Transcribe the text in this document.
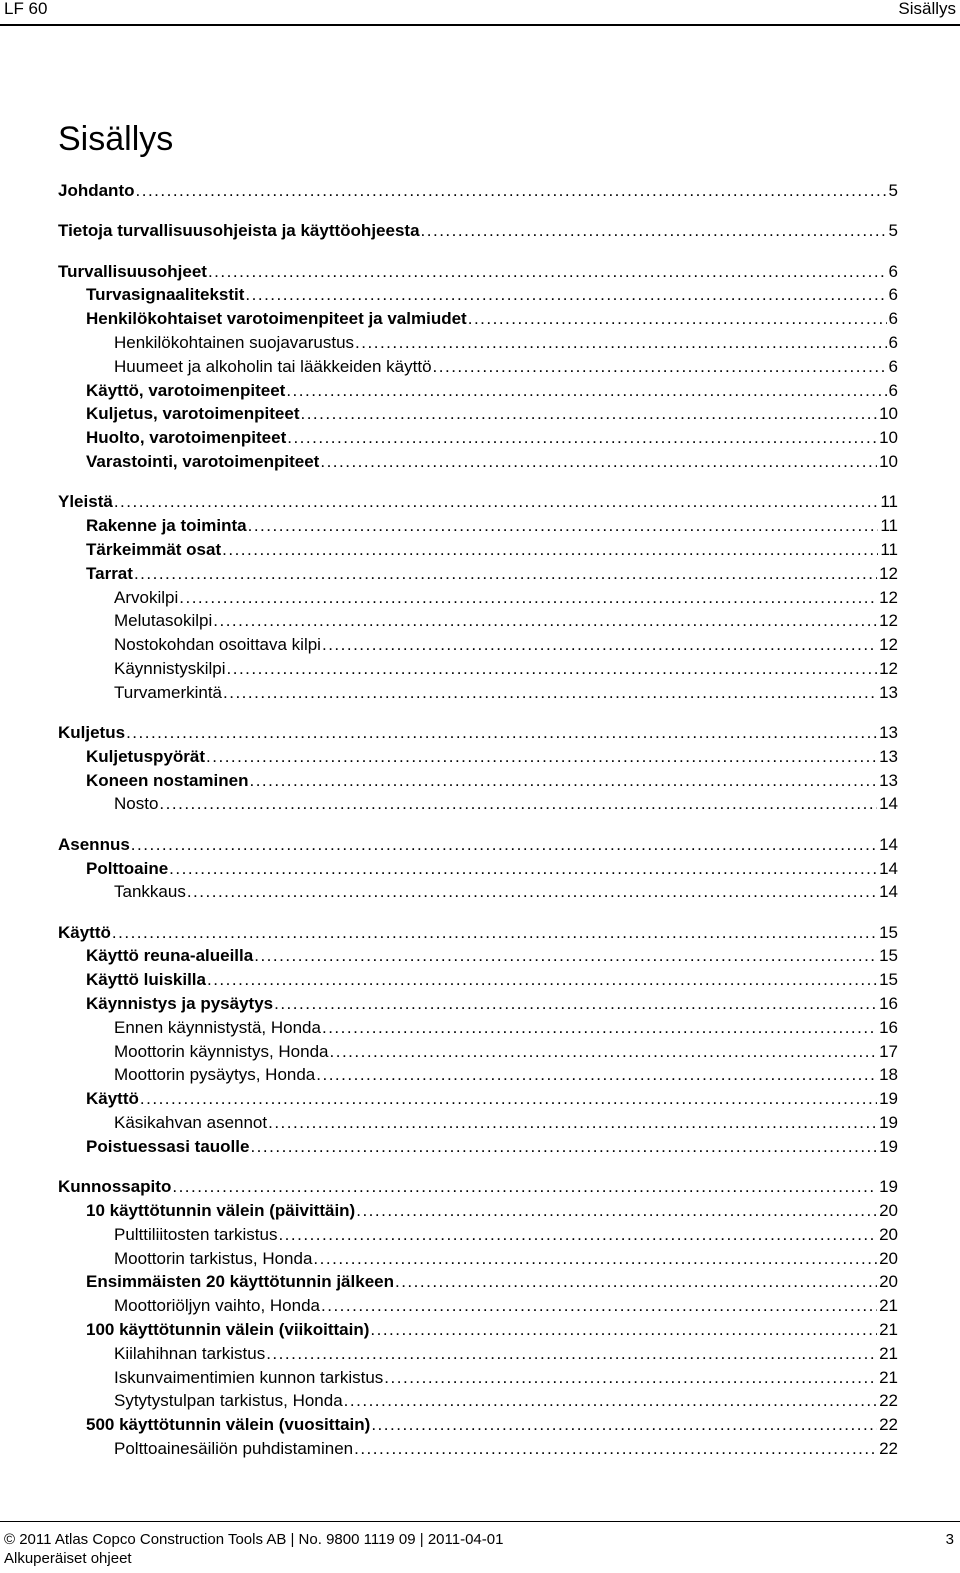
LF 60	Sisällys
Sisällys
Johdanto .....	5
Tietoja turvallisuusohjeista ja käyttöohjeesta .....	5
Turvallisuusohjeet .....	6
Turvasignaalitekstit .....	6
Henkilökohtaiset varotoimenpiteet ja valmiudet .....	6
Henkilökohtainen suojavarustus .....	6
Huumeet ja alkoholin tai lääkkeiden käyttö .....	6
Käyttö, varotoimenpiteet .....	6
Kuljetus, varotoimenpiteet .....	10
Huolto, varotoimenpiteet .....	10
Varastointi, varotoimenpiteet .....	10
Yleistä .....	11
Rakenne ja toiminta .....	11
Tärkeimmät osat .....	11
Tarrat .....	12
Arvokilpi .....	12
Melutasokilpi .....	12
Nostokohdan osoittava kilpi .....	12
Käynnistyskilpi .....	12
Turvamerkintä .....	13
Kuljetus .....	13
Kuljetuspyörät .....	13
Koneen nostaminen .....	13
Nosto .....	14
Asennus .....	14
Polttoaine .....	14
Tankkaus .....	14
Käyttö .....	15
Käyttö reuna-alueilla .....	15
Käyttö luiskilla .....	15
Käynnistys ja pysäytys .....	16
Ennen käynnistystä, Honda .....	16
Moottorin käynnistys, Honda .....	17
Moottorin pysäytys, Honda .....	18
Käyttö .....	19
Käsikahvan asennot .....	19
Poistuessasi tauolle .....	19
Kunnossapito .....	19
10 käyttötunnin välein (päivittäin) .....	20
Pulttiliitosten tarkistus .....	20
Moottorin tarkistus, Honda .....	20
Ensimmäisten 20 käyttötunnin jälkeen .....	20
Moottoriöljyn vaihto, Honda .....	21
100 käyttötunnin välein (viikoittain) .....	21
Kiilahihnan tarkistus .....	21
Iskunvaimentimien kunnon tarkistus .....	21
Sytytystulpan tarkistus, Honda .....	22
500 käyttötunnin välein (vuosittain) .....	22
Polttoainesäiliön puhdistaminen .....	22
© 2011 Atlas Copco Construction Tools AB | No. 9800 1119 09 | 2011-04-01
Alkuperäiset ohjeet
3
